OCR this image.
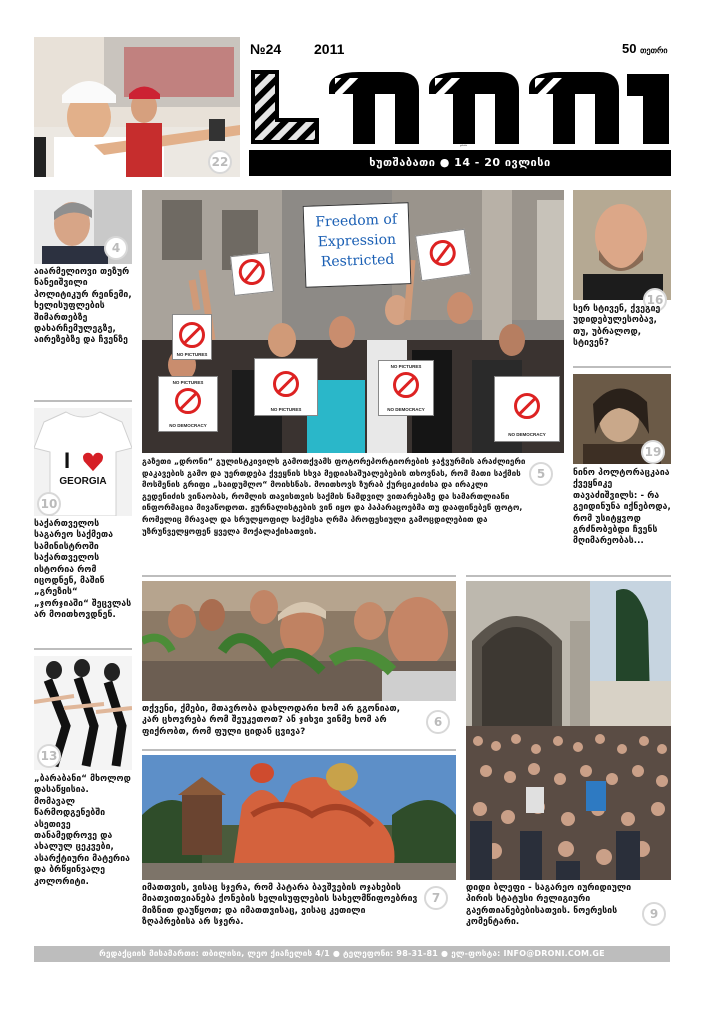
22
№24 2011	50 თეთრი
დრონი
ხუთშაბათი ● 14 - 20 ივლისი
4
აიარმელიოვი თეზურ ნანეიშვილი პოლიტიკურ რეინემი, ხელისუფლების შიმართებზე დახარჩემულეგზე, აირეზებზე და ჩვენზე
I
GEORGIA
10
საქართველოს საგარეო საქმეთა სამინისტროში საქართველოს ისტორია რომ იცოდნენ, მაშინ „გრეზის“ „ჯორჯიაში“ შეცვლას არ მოითხოვდნენ.
13
„ბარაბანი“ მხოლოდ დასაწყისია. მომავალ წარმოდგენებში ასეთივე თანამედროვე და ახალულ ცეკვები, ასარქტიური მატერია და ბრწყინვალე კოლორიტი.
Freedom of
Expression
Restricted
NO PICTURES
NO PICTURES
NO DEMOCRACY
NO PICTURES
NO PICTURES
NO DEMOCRACY
NO DEMOCRACY
5
გაზეთი „დრონი“ გულისტკივილს გამოთქვამს ფოტორეპორტიორების ჯაჭვურმის არაძლიერი დაკავების გამო და უერთდება ქვეყნის სხვა მედიასაშუალებების თხოვნას, რომ მათი საქმის მოსმენის გრიფი „საიდუმლო“ მოიხსნას. მოითხოვს ზურაბ ქურციკიძისა და ირაკლი გედენიძის ვინაობას, რომლის თავისთვის საქმის ნამდვილ ვითარებაზე და სამართლიანი ინფორმაცია მივაწოდოთ. ჟურნალისტების ვინ იყო და პაპარაცოებმა თუ დააფინებენ ფოტო, რომელიც მრავალ და სრულყოფილ საქმესა ღრმა პროფესიული გამოცდილებით და უზრუნველყოფენ ყველა მოქალაქისათვის.
16
სერ სტივენ, ქვეგიე უდიდებულესობავ, თუ, უბრალოდ, სტივენ?
19
ნინო პოლტორაცკაია ქვეყნიკე თავაძიშვილს: - რა გეიდინუნა იქნებოდა, რომ უსიტყვოდ გრძნობებდი ჩვენს მღიმარეობას...
6
თქვენი, ქმები, მთავრობა დახლოდარი ხომ არ გგონიათ, კარ ცხოვრება რომ შეუკეთოთ? ან ჯიხვი ვინმე ხომ არ ფიქრობთ, რომ ფული ციდან ცვივა?
7
იმათთვის, ვისაც სჯერა, რომ პატარა ბავშვების ოჯახების მიათვითვიანება ქონების ხელისუფლების სახელმწიფოებრივ მიზნით დაუწყოთ; და იმათთვისაც, ვისაც კეთილი ზღაპრებისა არ სჯერა.
9
დიდი ბლეფი - საგარეო იურიდიული პირის სტატუსი რელიგიური გაერთიანებებისათვის. ნოერესის კომენტარი.
რედაქციის მისამართი: თბილისი, ლეო ქიაჩელის 4/1 ● ტელეფონი: 98-31-81 ● ელ-ფოსტა: INFO@DRONI.COM.GE
